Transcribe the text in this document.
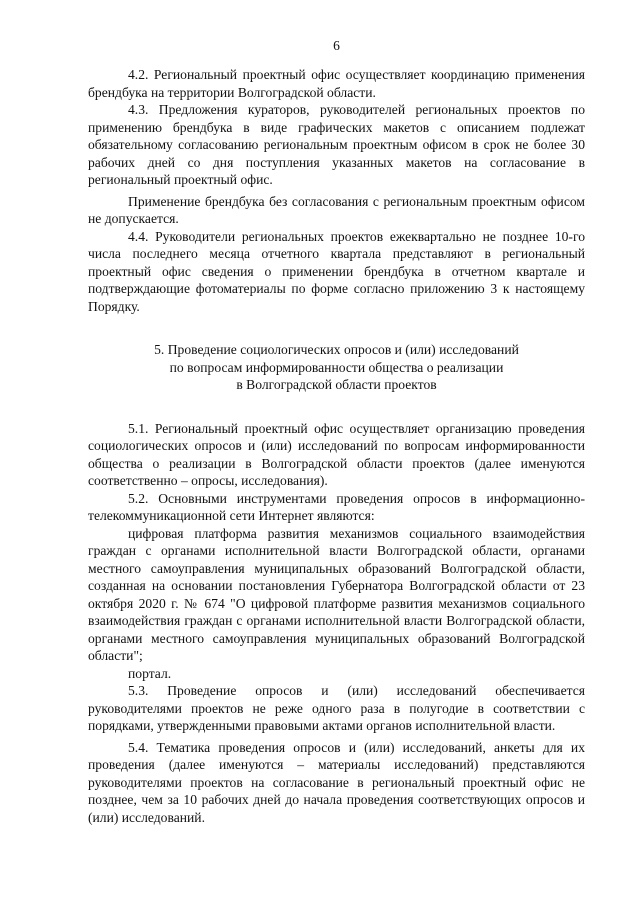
6

4.2. Региональный проектный офис осуществляет координацию применения брендбука на территории Волгоградской области.

4.3. Предложения кураторов, руководителей региональных проектов по применению брендбука в виде графических макетов с описанием подлежат обязательному согласованию региональным проектным офисом в срок не более 30 рабочих дней со дня поступления указанных макетов на согласование в региональный проектный офис.

Применение брендбука без согласования с региональным проектным офисом не допускается.

4.4. Руководители региональных проектов ежеквартально не позднее 10-го числа последнего месяца отчетного квартала представляют в региональный проектный офис сведения о применении брендбука в отчетном квартале и подтверждающие фотоматериалы по форме согласно приложению 3 к настоящему Порядку.

5. Проведение социологических опросов и (или) исследований
по вопросам информированности общества о реализации
в Волгоградской области проектов

5.1. Региональный проектный офис осуществляет организацию проведения социологических опросов и (или) исследований по вопросам информированности общества о реализации в Волгоградской области проектов (далее именуются соответственно – опросы, исследования).

5.2. Основными инструментами проведения опросов в информационно-телекоммуникационной сети Интернет являются:

цифровая платформа развития механизмов социального взаимодействия граждан с органами исполнительной власти Волгоградской области, органами местного самоуправления муниципальных образований Волгоградской области, созданная на основании постановления Губернатора Волгоградской области от 23 октября 2020 г. № 674 "О цифровой платформе развития механизмов социального взаимодействия граждан с органами исполнительной власти Волгоградской области, органами местного самоуправления муниципальных образований Волгоградской области";

портал.

5.3. Проведение опросов и (или) исследований обеспечивается руководителями проектов не реже одного раза в полугодие в соответствии с порядками, утвержденными правовыми актами органов исполнительной власти.

5.4. Тематика проведения опросов и (или) исследований, анкеты для их проведения (далее именуются – материалы исследований) представляются руководителями проектов на согласование в региональный проектный офис не позднее, чем за 10 рабочих дней до начала проведения соответствующих опросов и (или) исследований.
